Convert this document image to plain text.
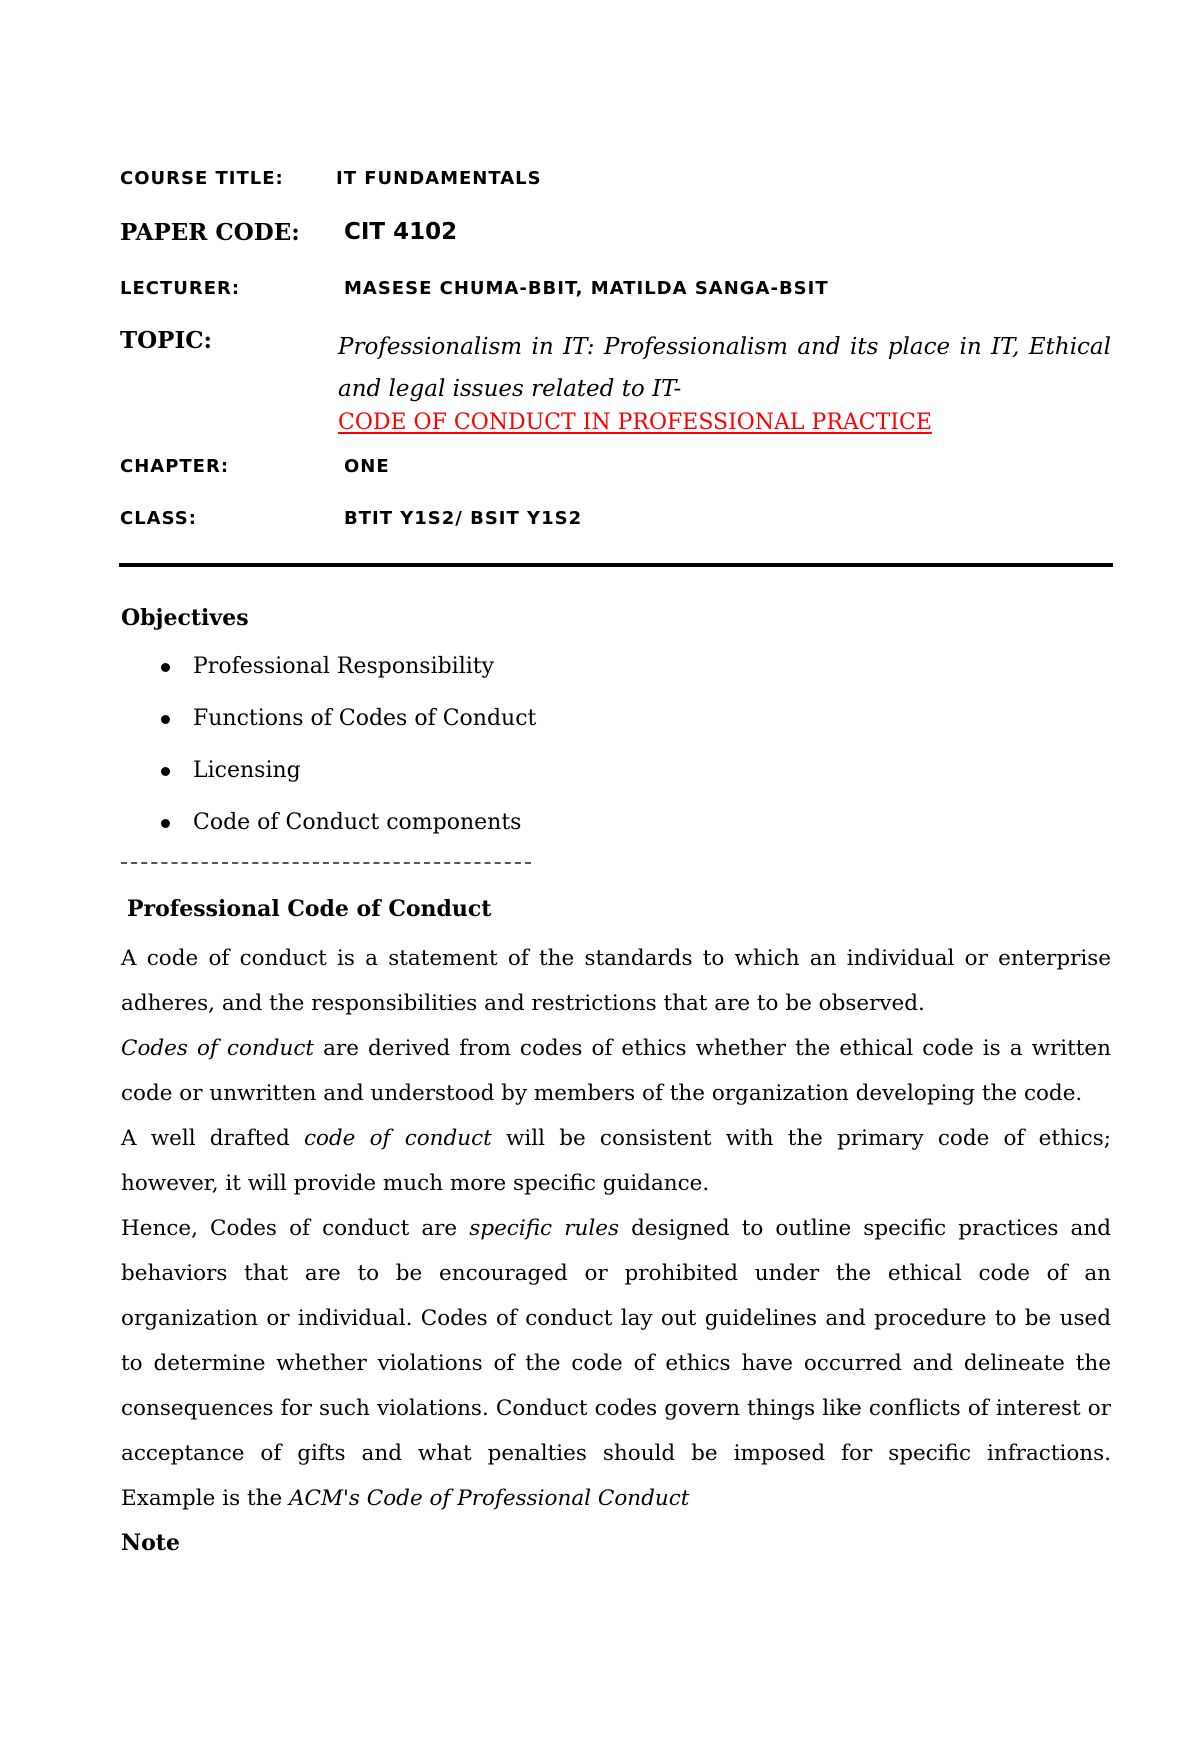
COURSE TITLE:	IT FUNDAMENTALS
PAPER CODE: CIT 4102
LECTURER:	MASESE CHUMA-BBIT, MATILDA SANGA-BSIT
TOPIC:	Professionalism in IT: Professionalism and its place in IT, Ethical and legal issues related to IT-
CODE OF CONDUCT IN PROFESSIONAL PRACTICE
CHAPTER:	ONE
CLASS:	BTIT Y1S2/ BSIT Y1S2
Objectives
Professional Responsibility
Functions of Codes of Conduct
Licensing
Code of Conduct components
Professional Code of Conduct

A code of conduct is a statement of the standards to which an individual or enterprise adheres, and the responsibilities and restrictions that are to be observed.

Codes of conduct are derived from codes of ethics whether the ethical code is a written code or unwritten and understood by members of the organization developing the code.

A well drafted code of conduct will be consistent with the primary code of ethics; however, it will provide much more specific guidance.

Hence, Codes of conduct are specific rules designed to outline specific practices and behaviors that are to be encouraged or prohibited under the ethical code of an organization or individual. Codes of conduct lay out guidelines and procedure to be used to determine whether violations of the code of ethics have occurred and delineate the consequences for such violations. Conduct codes govern things like conflicts of interest or acceptance of gifts and what penalties should be imposed for specific infractions. Example is the ACM's Code of Professional Conduct

Note
